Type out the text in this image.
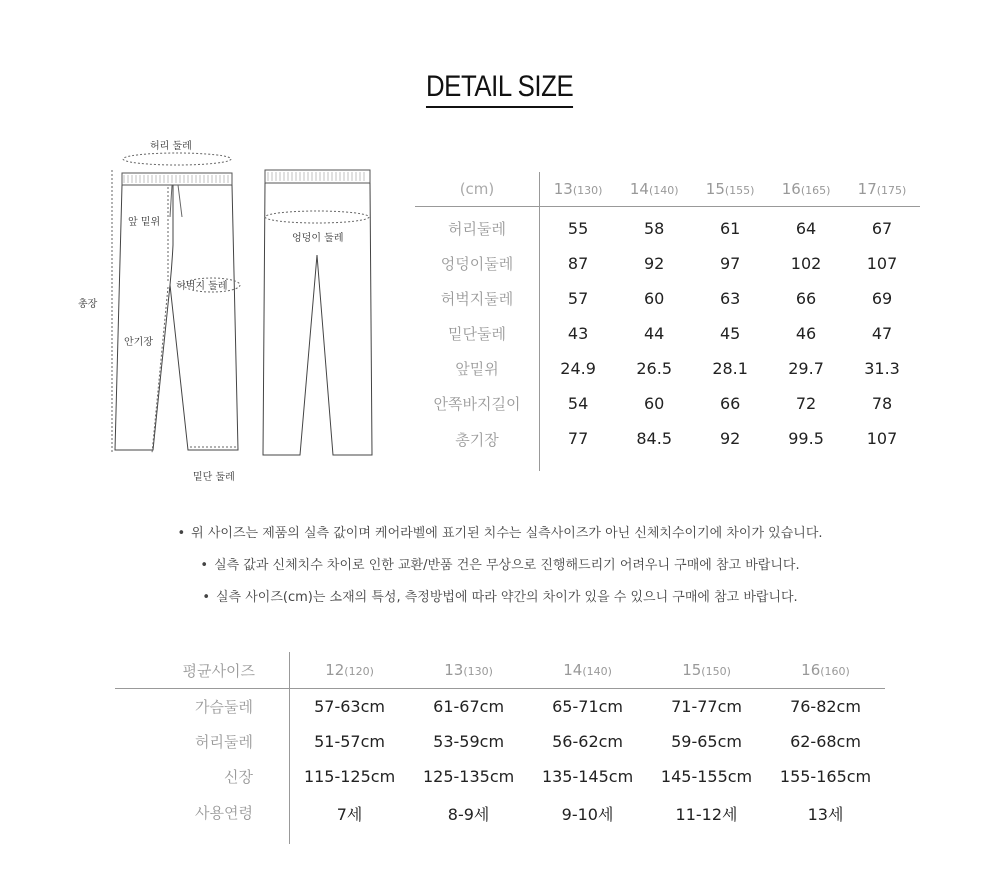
DETAIL SIZE
허리 둘레
앞 밑위
총장
허벅지 둘레
안기장
밑단 둘레
엉덩이 둘레
(cm)	13(130)	14(140)	15(155)	16(165)	17(175)
허리둘레	55	58	61	64	67
엉덩이둘레	87	92	97	102	107
허벅지둘레	57	60	63	66	69
밑단둘레	43	44	45	46	47
앞밑위	24.9	26.5	28.1	29.7	31.3
안쪽바지길이	54	60	66	72	78
총기장	77	84.5	92	99.5	107
• 위 사이즈는 제품의 실측 값이며 케어라벨에 표기된 치수는 실측사이즈가 아닌 신체치수이기에 차이가 있습니다.
• 실측 값과 신체치수 차이로 인한 교환/반품 건은 무상으로 진행해드리기 어려우니 구매에 참고 바랍니다.
• 실측 사이즈(cm)는 소재의 특성, 측정방법에 따라 약간의 차이가 있을 수 있으니 구매에 참고 바랍니다.
평균사이즈	12(120)	13(130)	14(140)	15(150)	16(160)
가슴둘레	57-63cm	61-67cm	65-71cm	71-77cm	76-82cm
허리둘레	51-57cm	53-59cm	56-62cm	59-65cm	62-68cm
신장	115-125cm	125-135cm	135-145cm	145-155cm	155-165cm
사용연령	7세	8-9세	9-10세	11-12세	13세
